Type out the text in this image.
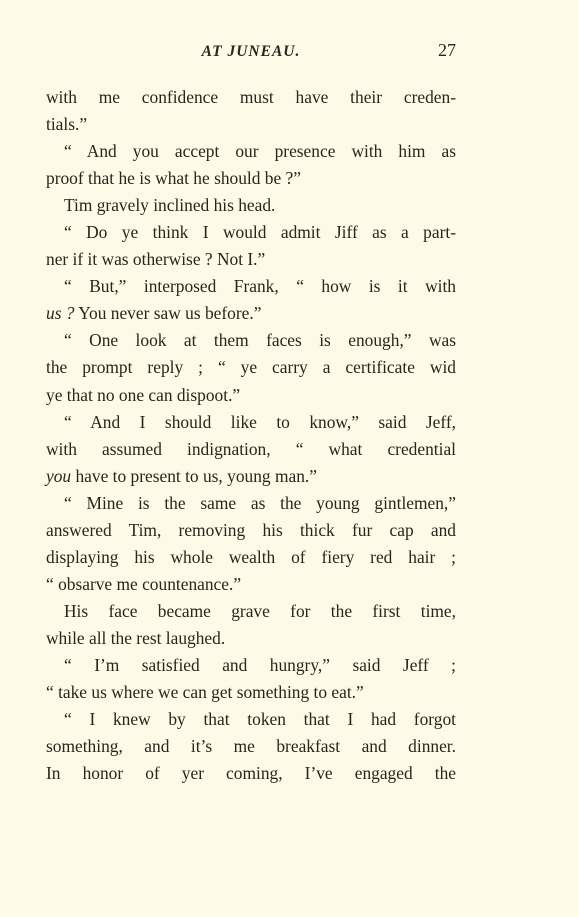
AT JUNEAU.	27
with me confidence must have their creden-
tials.”
“ And you accept our presence with him as
proof that he is what he should be ?”
Tim gravely inclined his head.
“ Do ye think I would admit Jiff as a part-
ner if it was otherwise ? Not I.”
“ But,” interposed Frank, “ how is it with
us ? You never saw us before.”
“ One look at them faces is enough,” was
the prompt reply ; “ ye carry a certificate wid
ye that no one can dispoot.”
“ And I should like to know,” said Jeff,
with assumed indignation, “ what credential
you have to present to us, young man.”
“ Mine is the same as the young gintlemen,”
answered Tim, removing his thick fur cap and
displaying his whole wealth of fiery red hair ;
“ obsarve me countenance.”
His face became grave for the first time,
while all the rest laughed.
“ I’m satisfied and hungry,” said Jeff ;
“ take us where we can get something to eat.”
“ I knew by that token that I had forgot
something, and it’s me breakfast and dinner.
In honor of yer coming, I’ve engaged the
